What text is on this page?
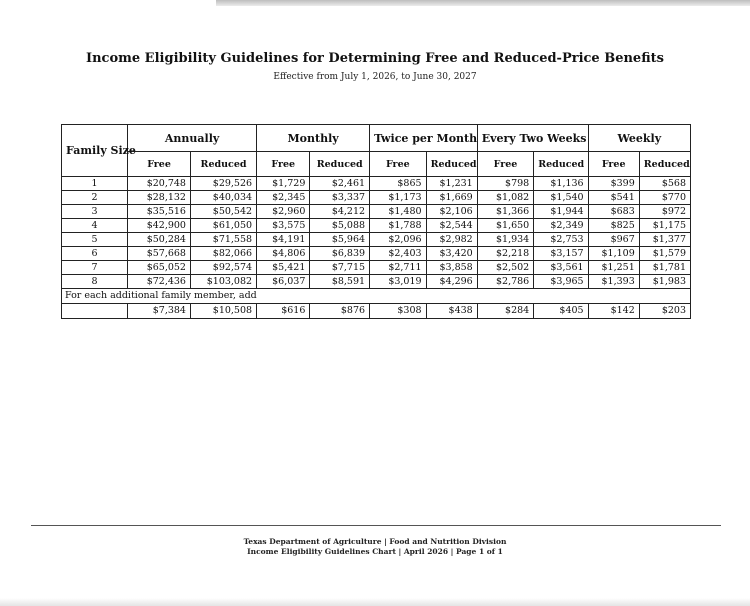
Income Eligibility Guidelines for Determining Free and Reduced-Price Benefits
Effective from July 1, 2026, to June 30, 2027
Family Size	Annually		Monthly		Twice per Month		Every Two Weeks		Weekly	
	Free	Reduced	Free	Reduced	Free	Reduced	Free	Reduced	Free	Reduced
1	$20,748	$29,526	$1,729	$2,461	$865	$1,231	$798	$1,136	$399	$568
2	$28,132	$40,034	$2,345	$3,337	$1,173	$1,669	$1,082	$1,540	$541	$770
3	$35,516	$50,542	$2,960	$4,212	$1,480	$2,106	$1,366	$1,944	$683	$972
4	$42,900	$61,050	$3,575	$5,088	$1,788	$2,544	$1,650	$2,349	$825	$1,175
5	$50,284	$71,558	$4,191	$5,964	$2,096	$2,982	$1,934	$2,753	$967	$1,377
6	$57,668	$82,066	$4,806	$6,839	$2,403	$3,420	$2,218	$3,157	$1,109	$1,579
7	$65,052	$92,574	$5,421	$7,715	$2,711	$3,858	$2,502	$3,561	$1,251	$1,781
8	$72,436	$103,082	$6,037	$8,591	$3,019	$4,296	$2,786	$3,965	$1,393	$1,983
For each additional family member, add										
	$7,384	$10,508	$616	$876	$308	$438	$284	$405	$142	$203
Texas Department of Agriculture | Food and Nutrition Division
Income Eligibility Guidelines Chart | April 2026 | Page 1 of 1
